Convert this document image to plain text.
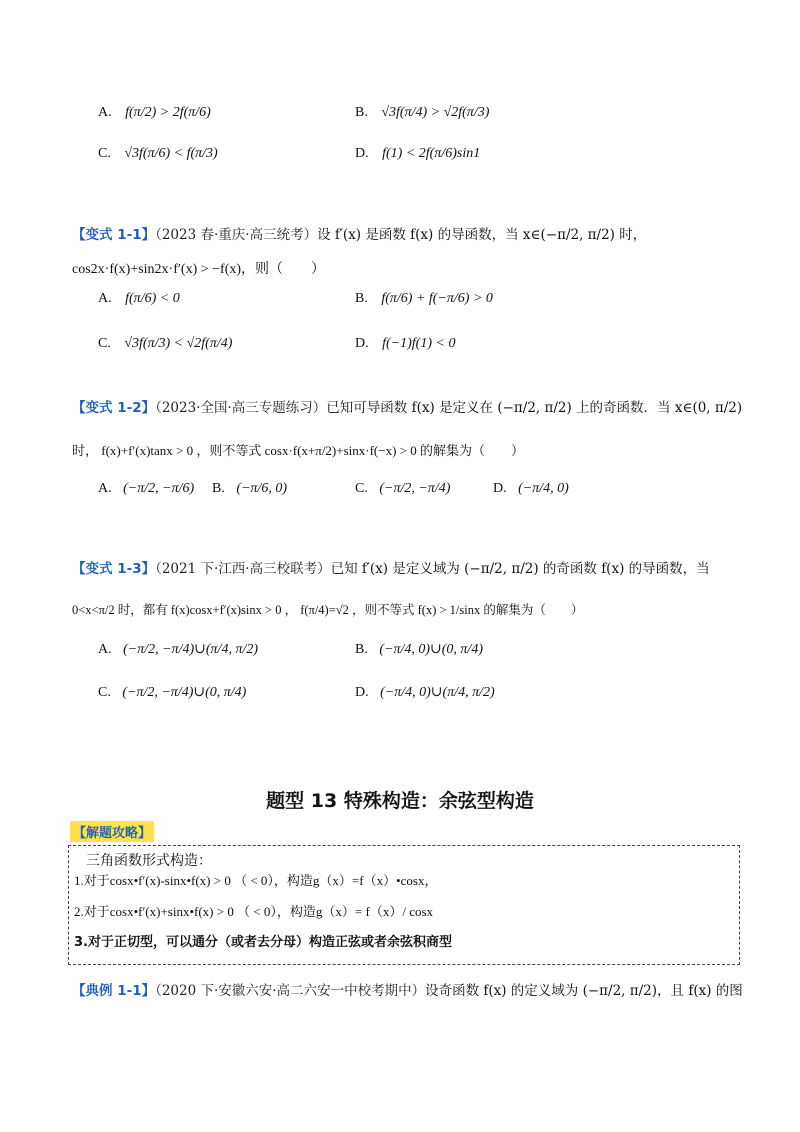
A. f(π/2) > 2f(π/6)	B. √3f(π/4) > √2f(π/3)
C. √3f(π/6) < f(π/3)	D. f(1) < 2f(π/6)sin1
【变式 1-1】（2023 春·重庆·高三统考）设 f′(x) 是函数 f(x) 的导函数，当 x∈(−π/2, π/2) 时，
cos2x·f(x)+sin2x·f′(x) > −f(x)，则（　　）
A. f(π/6) < 0	B. f(π/6) + f(−π/6) > 0
C. √3f(π/3) < √2f(π/4)	D. f(−1)f(1) < 0
【变式 1-2】（2023·全国·高三专题练习）已知可导函数 f(x) 是定义在 (−π/2, π/2) 上的奇函数．当 x∈(0, π/2)
时， f(x)+f′(x)tanx > 0 ，则不等式 cosx·f(x+π/2)+sinx·f(−x) > 0 的解集为（　　）
A. (−π/2, −π/6) B. (−π/6, 0)	C. (−π/2, −π/4)	D. (−π/4, 0)
【变式 1-3】（2021 下·江西·高三校联考）已知 f′(x) 是定义域为 (−π/2, π/2) 的奇函数 f(x) 的导函数，当
0<x<π/2 时，都有 f(x)cosx+f′(x)sinx > 0 ， f(π/4)=√2 ，则不等式 f(x) > 1/sinx 的解集为（　　）
A. (−π/2, −π/4)∪(π/4, π/2)	B. (−π/4, 0)∪(0, π/4)
C. (−π/2, −π/4)∪(0, π/4)	D. (−π/4, 0)∪(π/4, π/2)
题型 13 特殊构造：余弦型构造
【解题攻略】
三角函数形式构造：
1.对于cosx•f′(x)-sinx•f(x) > 0 （ < 0），构造g（x）=f（x）•cosx，
2.对于cosx•f′(x)+sinx•f(x) > 0 （ < 0），构造g（x）= f（x）/ cosx
3.对于正切型，可以通分（或者去分母）构造正弦或者余弦积商型
【典例 1-1】（2020 下·安徽六安·高二六安一中校考期中）设奇函数 f(x) 的定义域为 (−π/2, π/2)，且 f(x) 的图
